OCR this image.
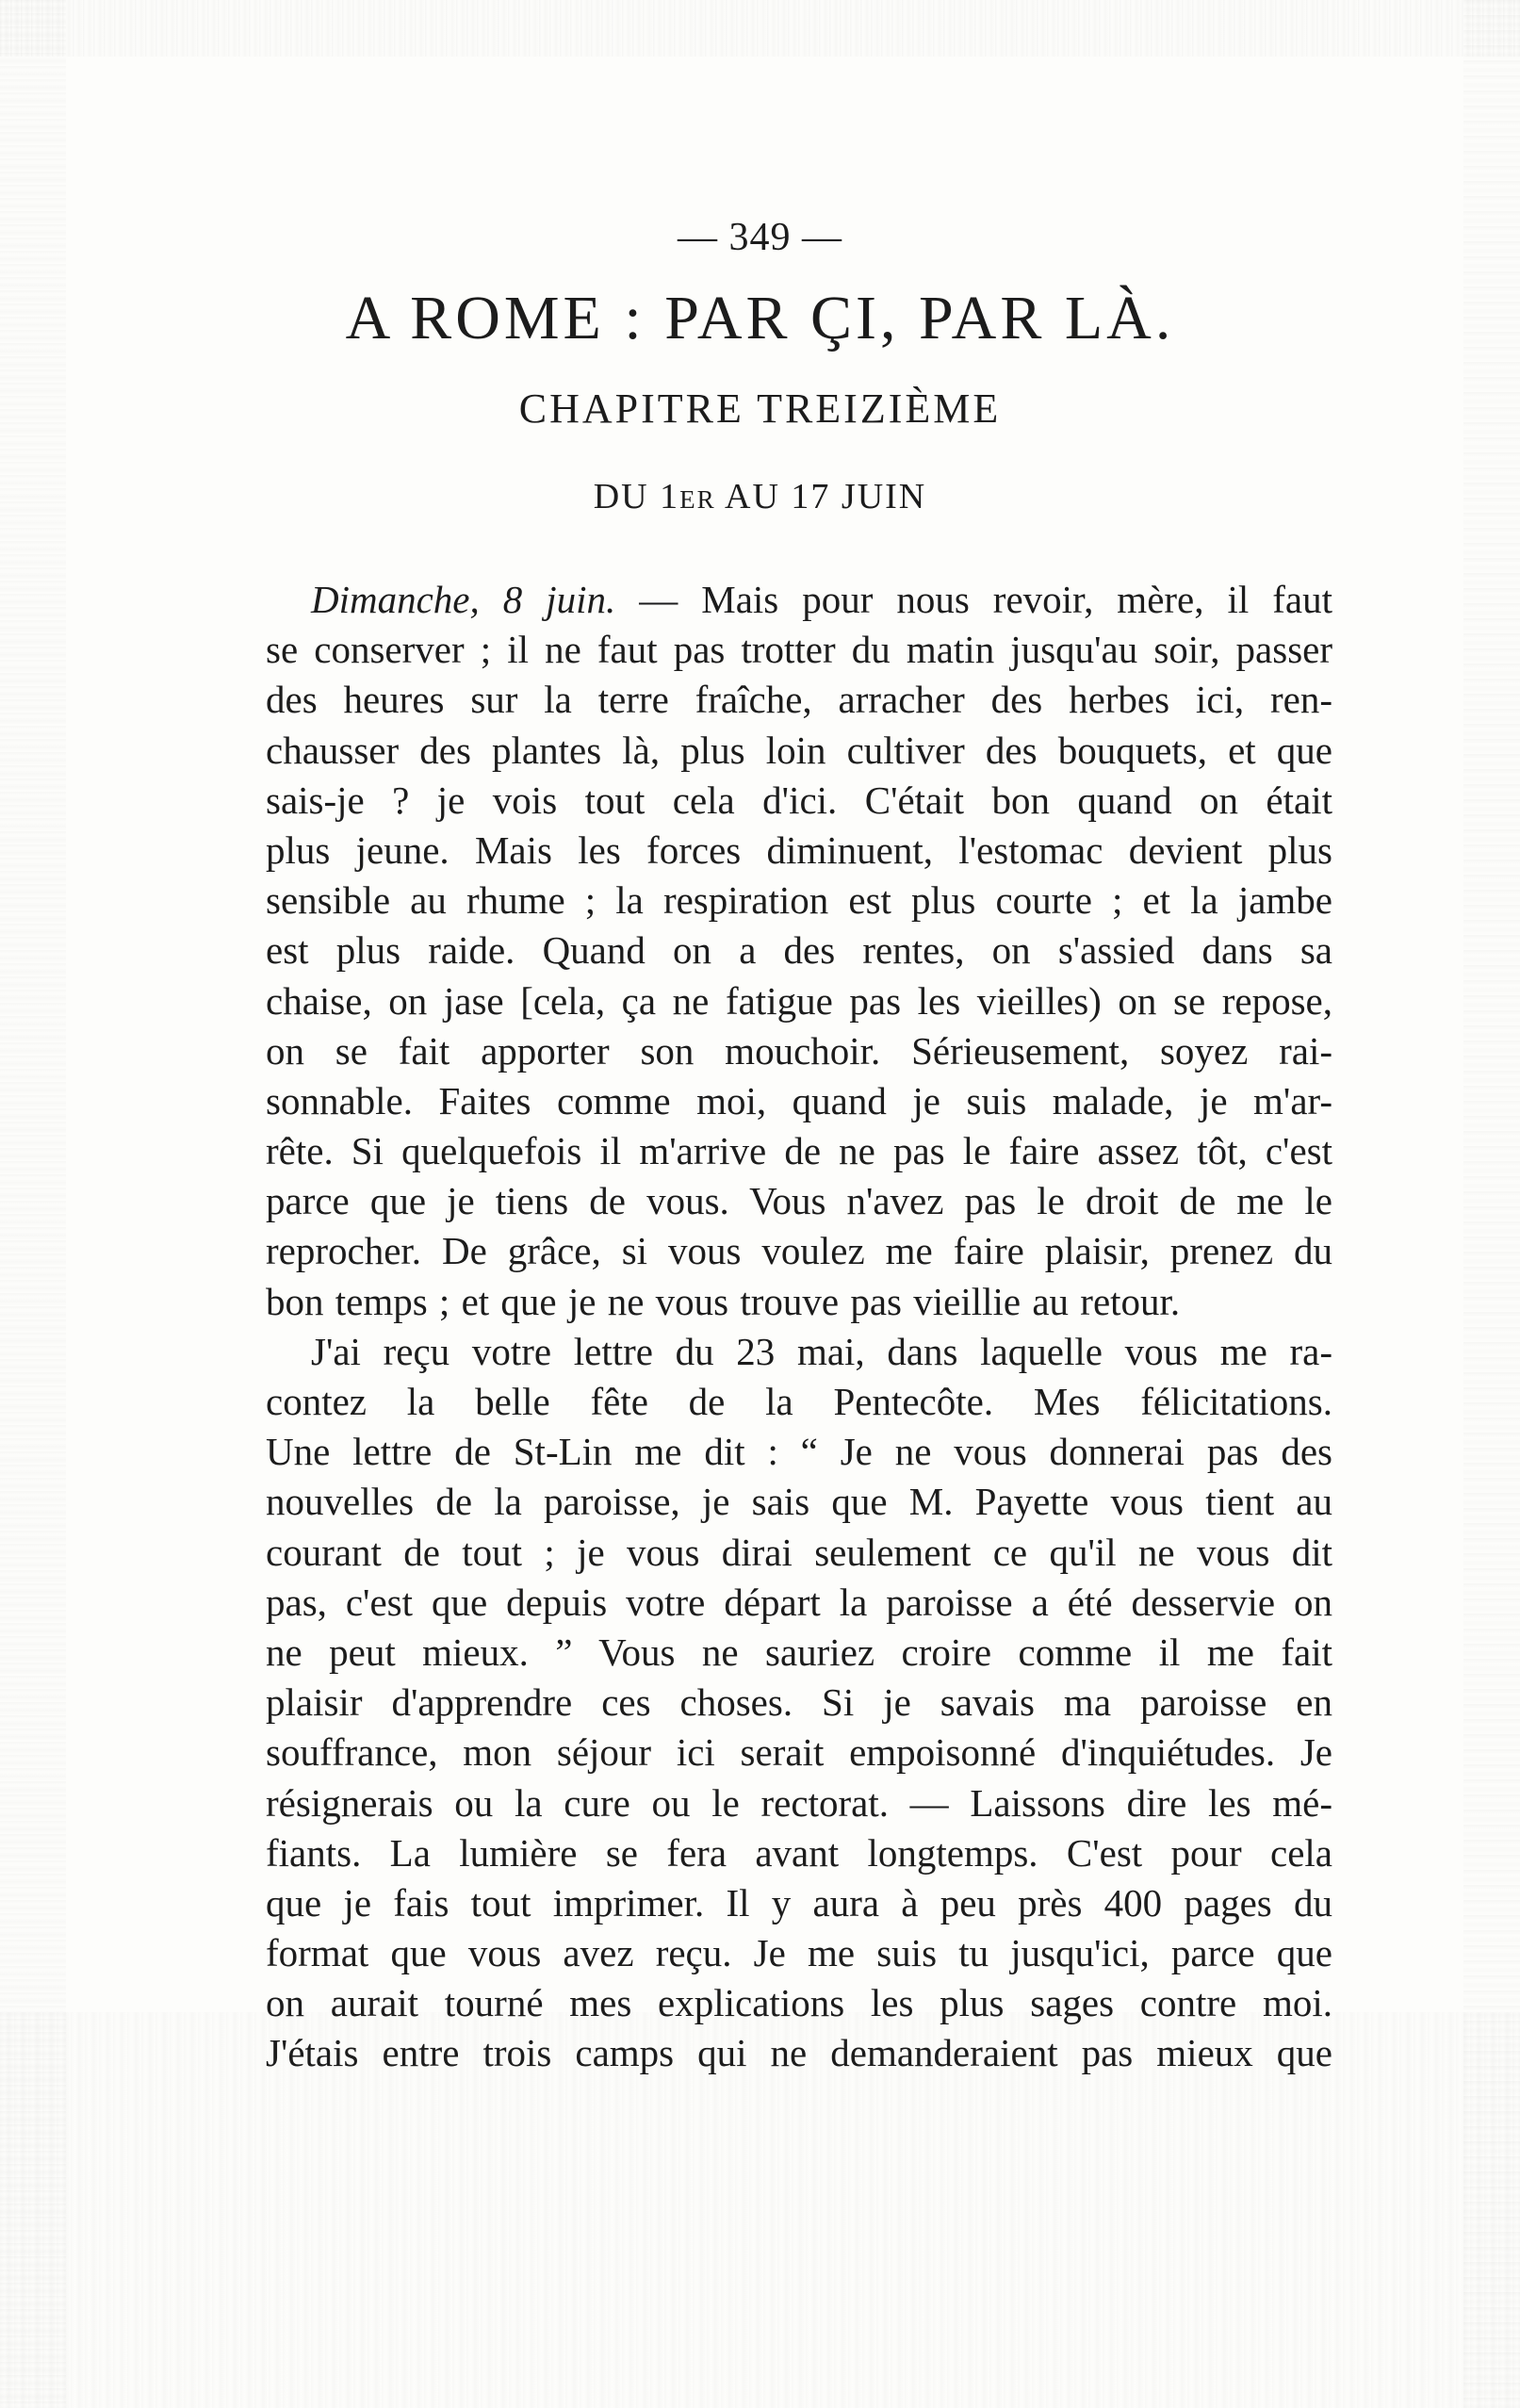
— 349 —
A ROME : PAR ÇI, PAR LÀ.
CHAPITRE TREIZIÈME
DU 1er AU 17 JUIN
Dimanche, 8 juin. — Mais pour nous revoir, mère, il faut
se conserver ; il ne faut pas trotter du matin jusqu'au soir, passer
des heures sur la terre fraîche, arracher des herbes ici, ren-
chausser des plantes là, plus loin cultiver des bouquets, et que
sais-je ? je vois tout cela d'ici. C'était bon quand on était
plus jeune. Mais les forces diminuent, l'estomac devient plus
sensible au rhume ; la respiration est plus courte ; et la jambe
est plus raide. Quand on a des rentes, on s'assied dans sa
chaise, on jase [cela, ça ne fatigue pas les vieilles) on se repose,
on se fait apporter son mouchoir. Sérieusement, soyez rai-
sonnable. Faites comme moi, quand je suis malade, je m'ar-
rête. Si quelquefois il m'arrive de ne pas le faire assez tôt, c'est
parce que je tiens de vous. Vous n'avez pas le droit de me le
reprocher. De grâce, si vous voulez me faire plaisir, prenez du
bon temps ; et que je ne vous trouve pas vieillie au retour.
J'ai reçu votre lettre du 23 mai, dans laquelle vous me ra-
contez la belle fête de la Pentecôte. Mes félicitations.
Une lettre de St-Lin me dit : “ Je ne vous donnerai pas des
nouvelles de la paroisse, je sais que M. Payette vous tient au
courant de tout ; je vous dirai seulement ce qu'il ne vous dit
pas, c'est que depuis votre départ la paroisse a été desservie on
ne peut mieux. ” Vous ne sauriez croire comme il me fait
plaisir d'apprendre ces choses. Si je savais ma paroisse en
souffrance, mon séjour ici serait empoisonné d'inquiétudes. Je
résignerais ou la cure ou le rectorat. — Laissons dire les mé-
fiants. La lumière se fera avant longtemps. C'est pour cela
que je fais tout imprimer. Il y aura à peu près 400 pages du
format que vous avez reçu. Je me suis tu jusqu'ici, parce que
on aurait tourné mes explications les plus sages contre moi.
J'étais entre trois camps qui ne demanderaient pas mieux que
